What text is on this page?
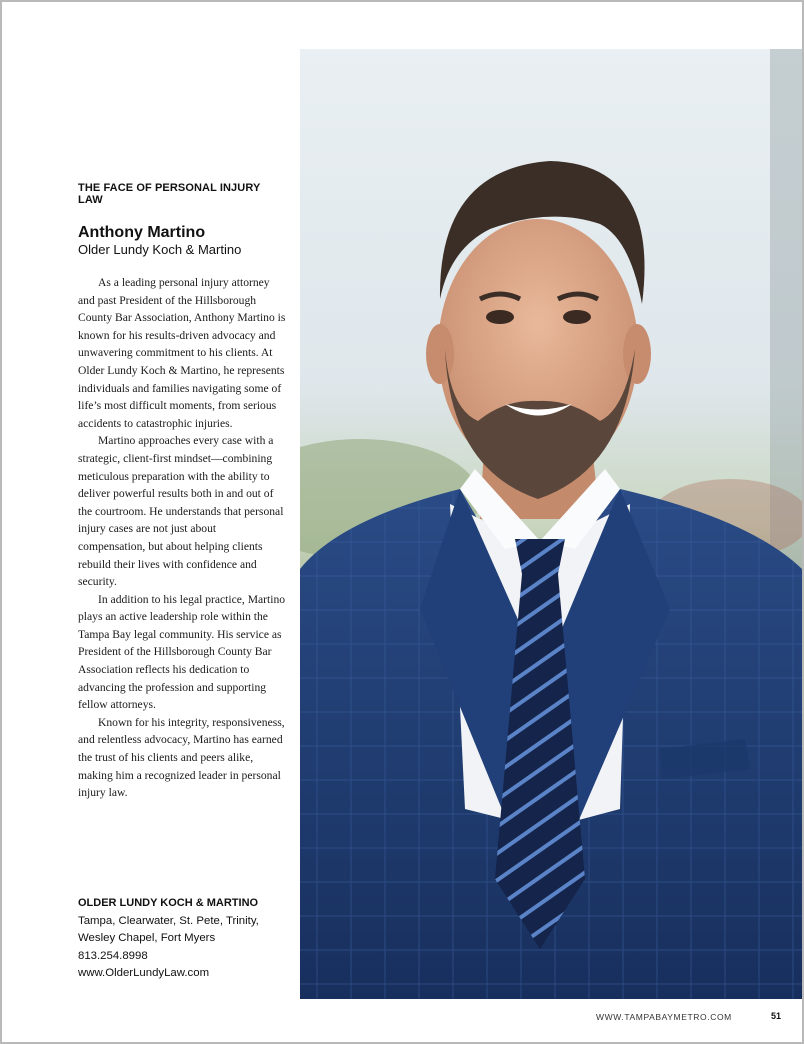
THE FACE OF PERSONAL INJURY LAW
Anthony Martino
Older Lundy Koch & Martino

As a leading personal injury attorney and past President of the Hillsborough County Bar Association, Anthony Martino is known for his results-driven advocacy and unwavering commitment to his clients. At Older Lundy Koch & Martino, he represents individuals and families navigating some of life’s most difficult moments, from serious accidents to catastrophic injuries.

Martino approaches every case with a strategic, client-first mindset—combining meticulous preparation with the ability to deliver powerful results both in and out of the courtroom. He understands that personal injury cases are not just about compensation, but about helping clients rebuild their lives with confidence and security.

In addition to his legal practice, Martino plays an active leadership role within the Tampa Bay legal community. His service as President of the Hillsborough County Bar Association reflects his dedication to advancing the profession and supporting fellow attorneys.

Known for his integrity, responsiveness, and relentless advocacy, Martino has earned the trust of his clients and peers alike, making him a recognized leader in personal injury law.

OLDER LUNDY KOCH & MARTINO
Tampa, Clearwater, St. Pete, Trinity,
Wesley Chapel, Fort Myers
813.254.8998
www.OlderLundyLaw.com
WWW.TAMPABAYMETRO.COM	51
